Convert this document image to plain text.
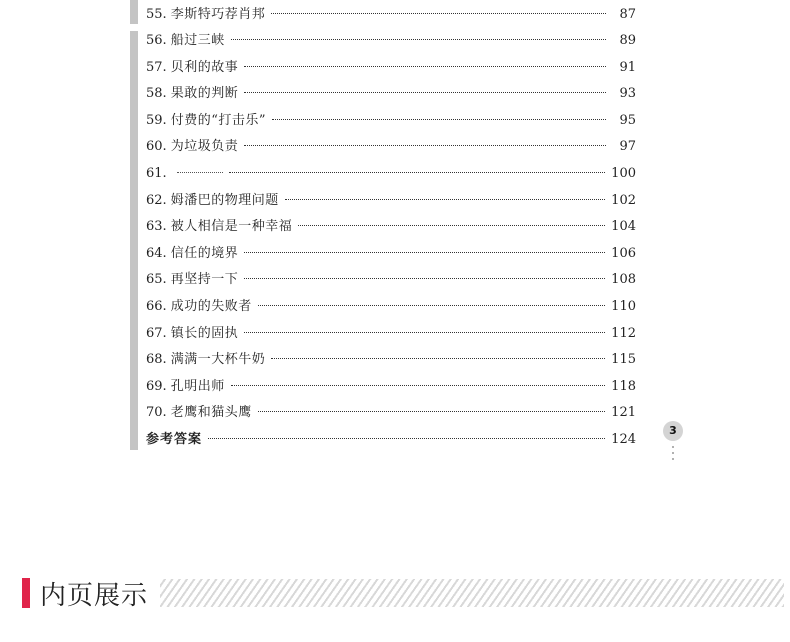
55. 李斯特巧荐肖邦	87
56. 船过三峡	89
57. 贝利的故事	91
58. 果敢的判断	93
59. 付费的“打击乐”	95
60. 为垃圾负责	97
61.	100
62. 姆潘巴的物理问题	102
63. 被人相信是一种幸福	104
64. 信任的境界	106
65. 再坚持一下	108
66. 成功的失败者	110
67. 镇长的固执	112
68. 满满一大杯牛奶	115
69. 孔明出师	118
70. 老鹰和猫头鹰	121
参考答案	124
3
内页展示
